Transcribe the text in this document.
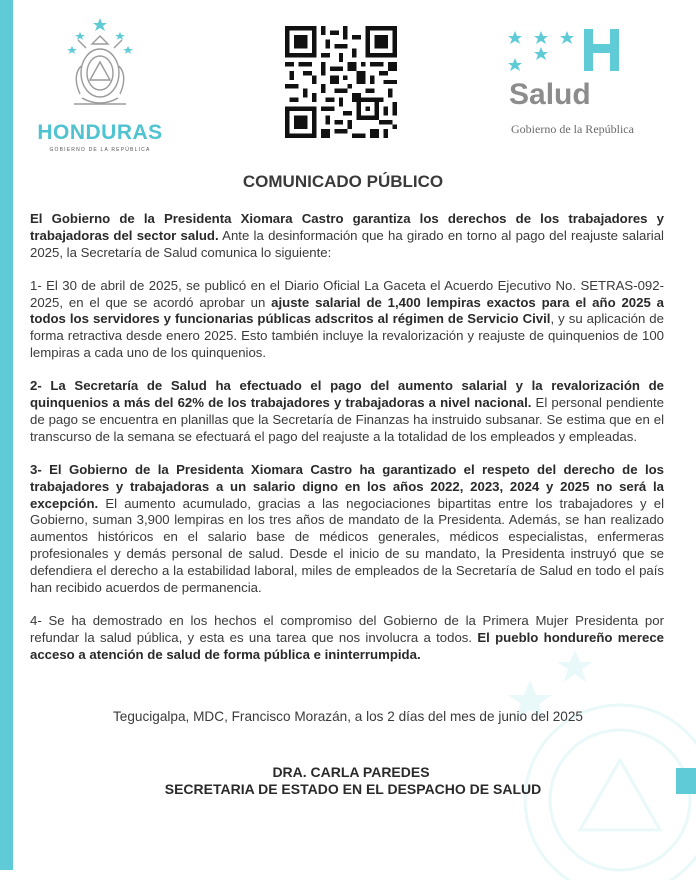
HONDURAS
GOBIERNO DE LA REPÚBLICA
Salud
Gobierno de la República
COMUNICADO PÚBLICO

El Gobierno de la Presidenta Xiomara Castro garantiza los derechos de los trabajadores y trabajadoras del sector salud. Ante la desinformación que ha girado en torno al pago del reajuste salarial 2025, la Secretaría de Salud comunica lo siguiente:

1- El 30 de abril de 2025, se publicó en el Diario Oficial La Gaceta el Acuerdo Ejecutivo No. SETRAS-092-2025, en el que se acordó aprobar un ajuste salarial de 1,400 lempiras exactos para el año 2025 a todos los servidores y funcionarias públicas adscritos al régimen de Servicio Civil, y su aplicación de forma retractiva desde enero 2025. Esto también incluye la revalorización y reajuste de quinquenios de 100 lempiras a cada uno de los quinquenios.

2- La Secretaría de Salud ha efectuado el pago del aumento salarial y la revalorización de quinquenios a más del 62% de los trabajadores y trabajadoras a nivel nacional. El personal pendiente de pago se encuentra en planillas que la Secretaría de Finanzas ha instruido subsanar. Se estima que en el transcurso de la semana se efectuará el pago del reajuste a la totalidad de los empleados y empleadas.

3- El Gobierno de la Presidenta Xiomara Castro ha garantizado el respeto del derecho de los trabajadores y trabajadoras a un salario digno en los años 2022, 2023, 2024 y 2025 no será la excepción. El aumento acumulado, gracias a las negociaciones bipartitas entre los trabajadores y el Gobierno, suman 3,900 lempiras en los tres años de mandato de la Presidenta. Además, se han realizado aumentos históricos en el salario base de médicos generales, médicos especialistas, enfermeras profesionales y demás personal de salud. Desde el inicio de su mandato, la Presidenta instruyó que se defendiera el derecho a la estabilidad laboral, miles de empleados de la Secretaría de Salud en todo el país han recibido acuerdos de permanencia.

4- Se ha demostrado en los hechos el compromiso del Gobierno de la Primera Mujer Presidenta por refundar la salud pública, y esta es una tarea que nos involucra a todos. El pueblo hondureño merece acceso a atención de salud de forma pública e ininterrumpida.

Tegucigalpa, MDC, Francisco Morazán, a los 2 días del mes de junio del 2025
DRA. CARLA PAREDES
SECRETARIA DE ESTADO EN EL DESPACHO DE SALUD
